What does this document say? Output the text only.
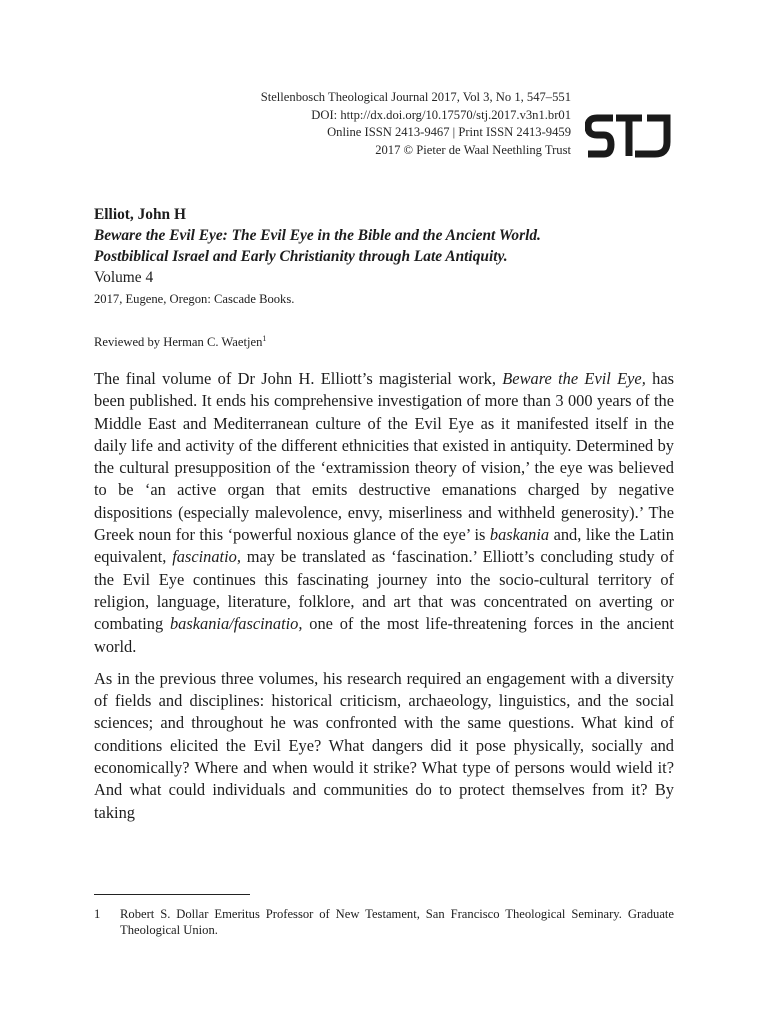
Stellenbosch Theological Journal 2017, Vol 3, No 1, 547–551
DOI: http://dx.doi.org/10.17570/stj.2017.v3n1.br01
Online ISSN 2413-9467 | Print ISSN 2413-9459
2017 © Pieter de Waal Neethling Trust
Elliot, John H
Beware the Evil Eye: The Evil Eye in the Bible and the Ancient World.
Postbiblical Israel and Early Christianity through Late Antiquity.
Volume 4
2017, Eugene, Oregon: Cascade Books.
Reviewed by Herman C. Waetjen$^1$

The final volume of Dr John H. Elliott’s magisterial work, Beware the Evil Eye, has been published. It ends his comprehensive investigation of more than 3 000 years of the Middle East and Mediterranean culture of the Evil Eye as it manifested itself in the daily life and activity of the different ethnicities that existed in antiquity. Determined by the cultural presupposition of the ‘extramission theory of vision,’ the eye was believed to be ‘an active organ that emits destructive emanations charged by negative dispositions (especially malevolence, envy, miserliness and withheld generosity).’ The Greek noun for this ‘powerful noxious glance of the eye’ is baskania and, like the Latin equivalent, fascinatio, may be translated as ‘fascination.’ Elliott’s concluding study of the Evil Eye continues this fascinating journey into the socio-cultural territory of religion, language, literature, folklore, and art that was concentrated on averting or combating baskania/fascinatio, one of the most life-threatening forces in the ancient world.

As in the previous three volumes, his research required an engagement with a diversity of fields and disciplines: historical criticism, archaeology, linguistics, and the social sciences; and throughout he was confronted with the same questions. What kind of conditions elicited the Evil Eye? What dangers did it pose physically, socially and economically? Where and when would it strike? What type of persons would wield it? And what could individuals and communities do to protect themselves from it? By taking

1 Robert S. Dollar Emeritus Professor of New Testament, San Francisco Theological Seminary. Graduate Theological Union.
